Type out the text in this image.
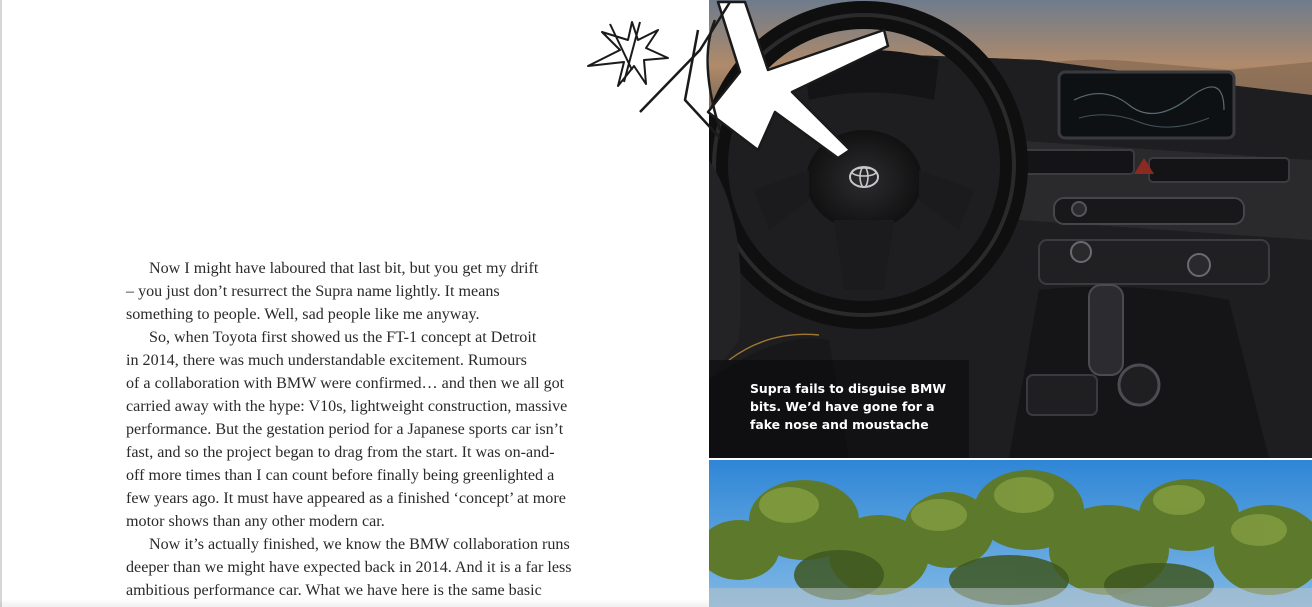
Now I might have laboured that last bit, but you get my drift
– you just don’t resurrect the Supra name lightly. It means
something to people. Well, sad people like me anyway.
So, when Toyota first showed us the FT-1 concept at Detroit
in 2014, there was much understandable excitement. Rumours
of a collaboration with BMW were confirmed… and then we all got
carried away with the hype: V10s, lightweight construction, massive
performance. But the gestation period for a Japanese sports car isn’t
fast, and so the project began to drag from the start. It was on-and-
off more times than I can count before finally being greenlighted a
few years ago. It must have appeared as a finished ‘concept’ at more
motor shows than any other modern car.
Now it’s actually finished, we know the BMW collaboration runs
deeper than we might have expected back in 2014. And it is a far less
ambitious performance car. What we have here is the same basic
Supra fails to disguise BMW
bits. We’d have gone for a
fake nose and moustache
